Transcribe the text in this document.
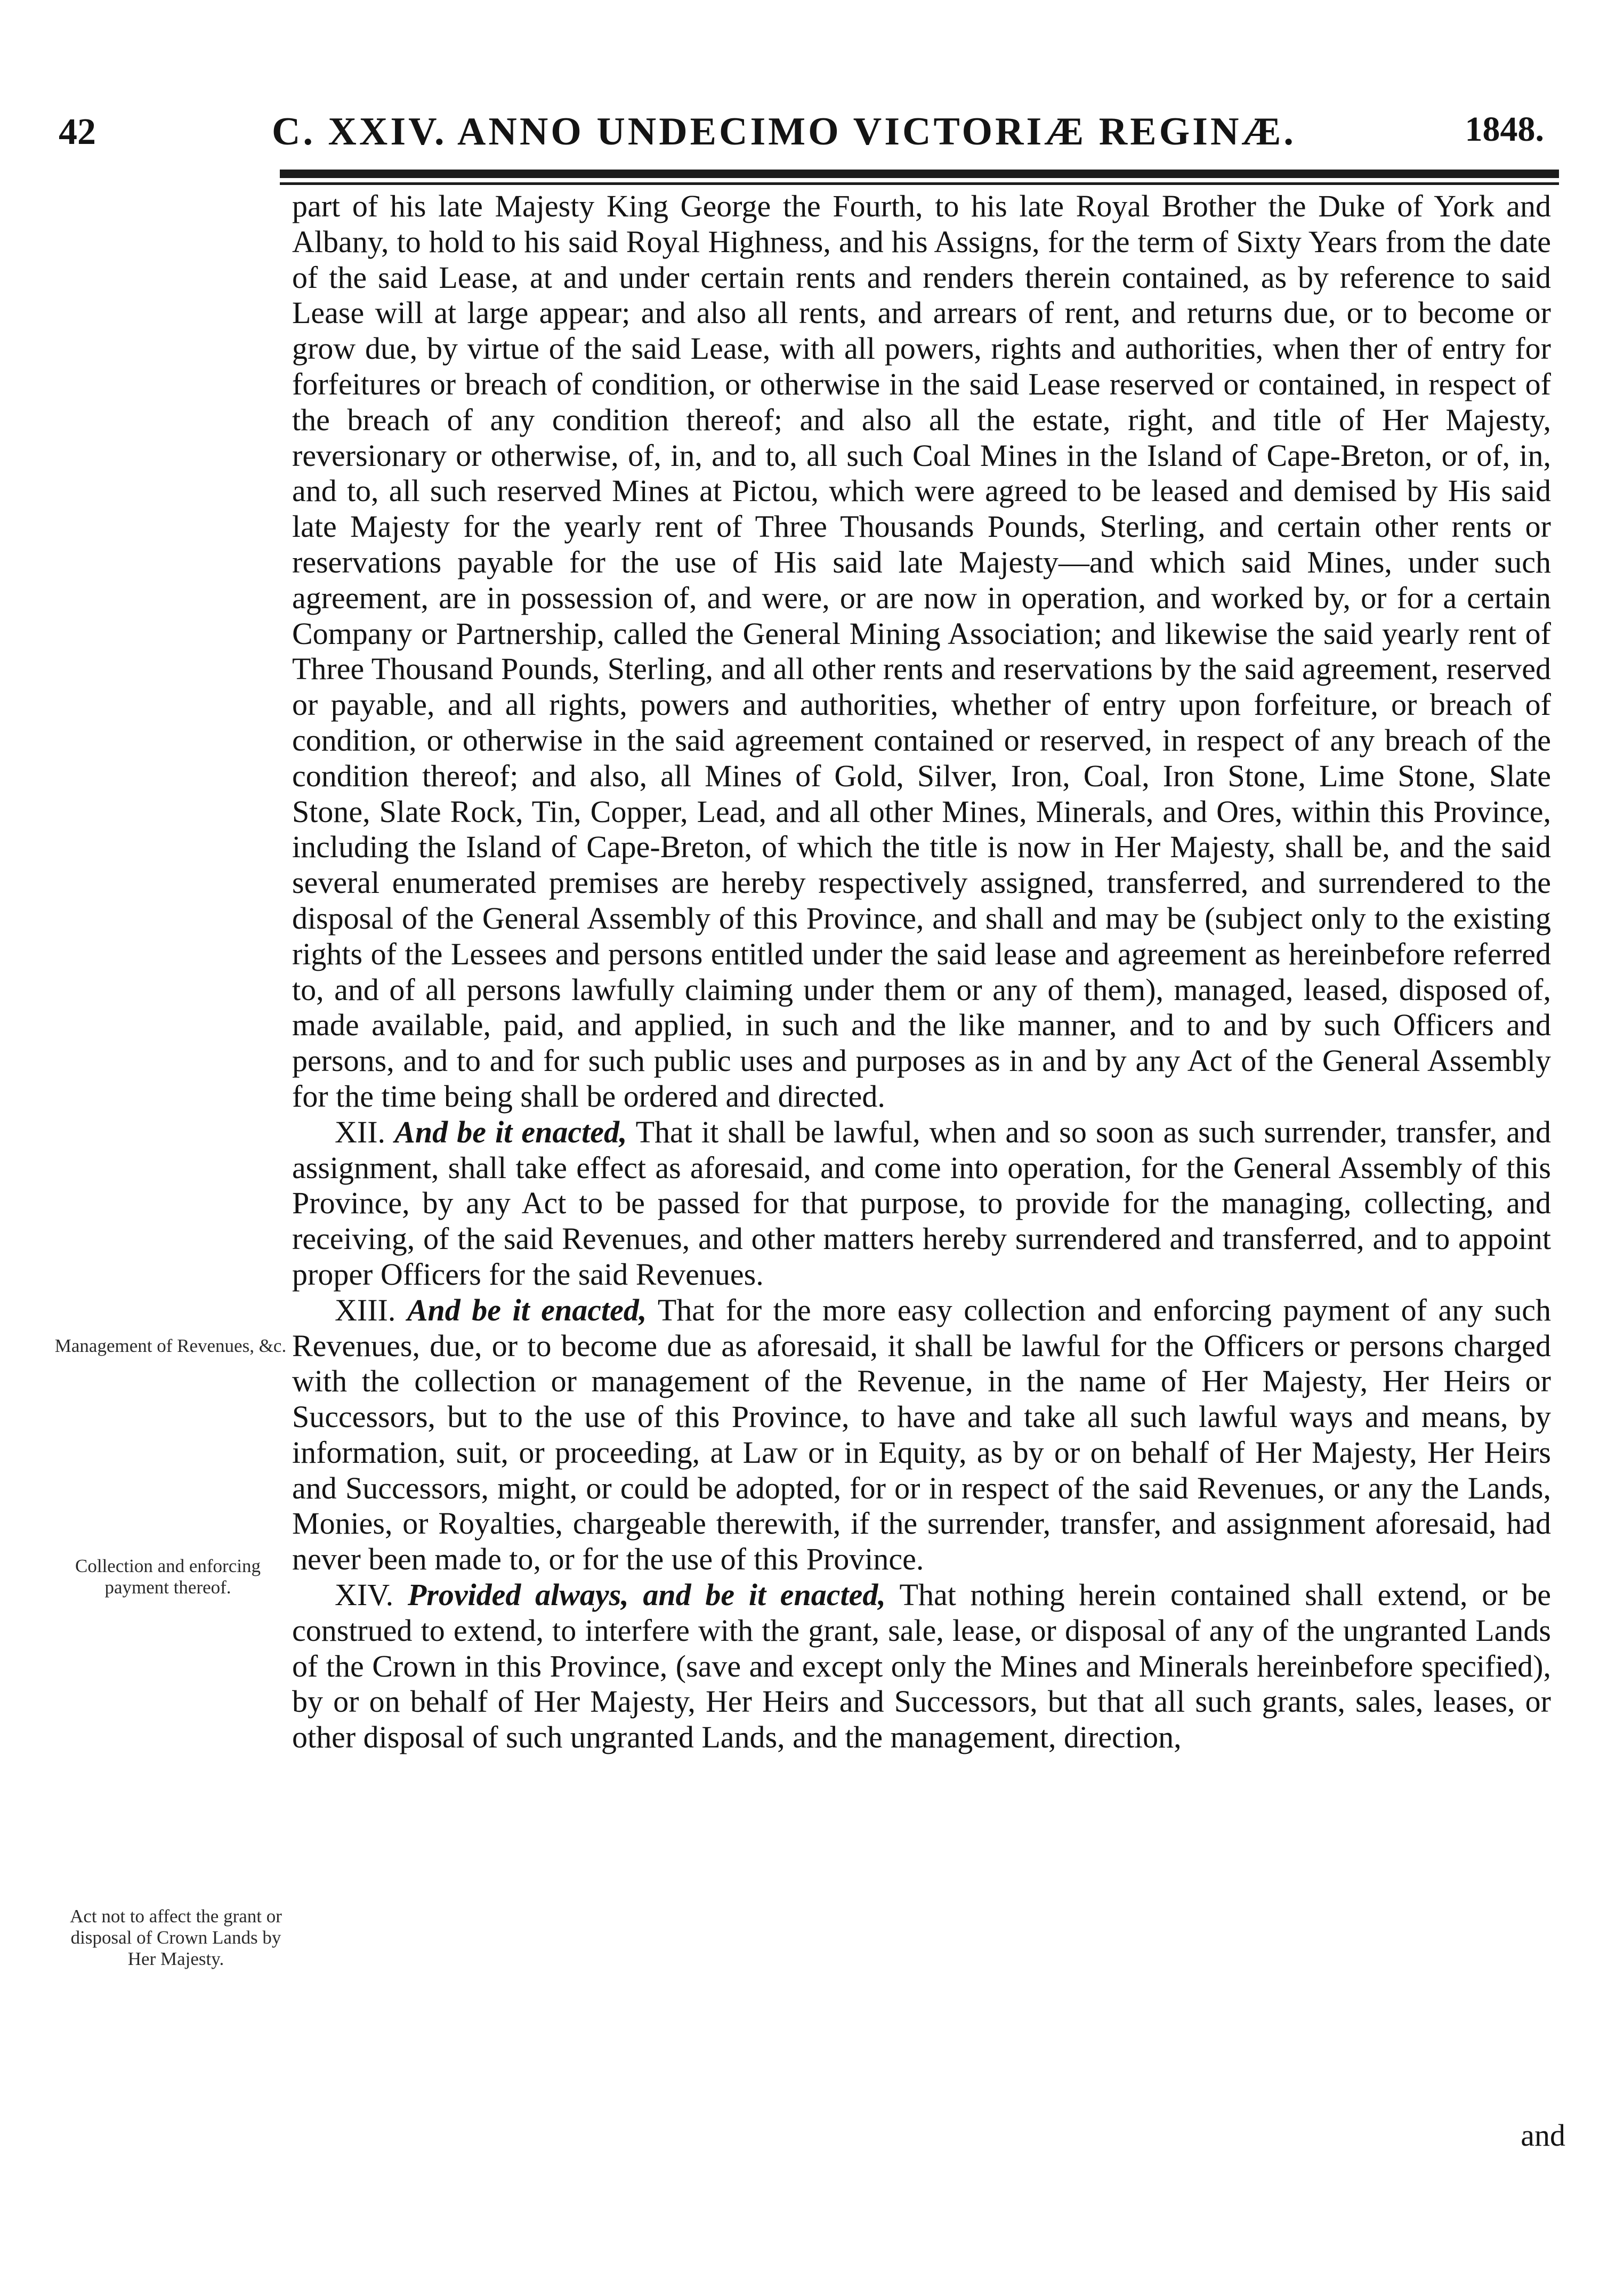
42	C. XXIV. ANNO UNDECIMO VICTORIÆ REGINÆ.	1848.

part of his late Majesty King George the Fourth, to his late Royal Brother the Duke of York and Albany, to hold to his said Royal Highness, and his Assigns, for the term of Sixty Years from the date of the said Lease, at and under certain rents and renders therein contained, as by reference to said Lease will at large appear; and also all rents, and arrears of rent, and returns due, or to become or grow due, by virtue of the said Lease, with all powers, rights and authorities, when ther of entry for forfeitures or breach of condition, or otherwise in the said Lease reserved or contained, in respect of the breach of any condition thereof; and also all the estate, right, and title of Her Majesty, reversionary or otherwise, of, in, and to, all such Coal Mines in the Island of Cape-Breton, or of, in, and to, all such reserved Mines at Pictou, which were agreed to be leased and demised by His said late Majesty for the yearly rent of Three Thousands Pounds, Sterling, and certain other rents or reservations payable for the use of His said late Majesty—and which said Mines, under such agreement, are in possession of, and were, or are now in operation, and worked by, or for a certain Company or Partnership, called the General Mining Association; and likewise the said yearly rent of Three Thousand Pounds, Sterling, and all other rents and reservations by the said agreement, reserved or payable, and all rights, powers and authorities, whether of entry upon forfeiture, or breach of condition, or otherwise in the said agreement contained or reserved, in respect of any breach of the condition thereof; and also, all Mines of Gold, Silver, Iron, Coal, Iron Stone, Lime Stone, Slate Stone, Slate Rock, Tin, Copper, Lead, and all other Mines, Minerals, and Ores, within this Province, including the Island of Cape-Breton, of which the title is now in Her Majesty, shall be, and the said several enumerated premises are hereby respectively assigned, transferred, and surrendered to the disposal of the General Assembly of this Province, and shall and may be (subject only to the existing rights of the Lessees and persons entitled under the said lease and agreement as hereinbefore referred to, and of all persons lawfully claiming under them or any of them), managed, leased, disposed of, made available, paid, and applied, in such and the like manner, and to and by such Officers and persons, and to and for such public uses and purposes as in and by any Act of the General Assembly for the time being shall be ordered and directed.

XII. And be it enacted, That it shall be lawful, when and so soon as such surrender, transfer, and assignment, shall take effect as aforesaid, and come into operation, for the General Assembly of this Province, by any Act to be passed for that purpose, to provide for the managing, collecting, and receiving, of the said Revenues, and other matters hereby surrendered and transferred, and to appoint proper Officers for the said Revenues.

XIII. And be it enacted, That for the more easy collection and enforcing payment of any such Revenues, due, or to become due as aforesaid, it shall be lawful for the Officers or persons charged with the collection or management of the Revenue, in the name of Her Majesty, Her Heirs or Successors, but to the use of this Province, to have and take all such lawful ways and means, by information, suit, or proceeding, at Law or in Equity, as by or on behalf of Her Majesty, Her Heirs and Successors, might, or could be adopted, for or in respect of the said Revenues, or any the Lands, Monies, or Royalties, chargeable therewith, if the surrender, transfer, and assignment aforesaid, had never been made to, or for the use of this Province.

XIV. Provided always, and be it enacted, That nothing herein contained shall extend, or be construed to extend, to interfere with the grant, sale, lease, or disposal of any of the ungranted Lands of the Crown in this Province, (save and except only the Mines and Minerals hereinbefore specified), by or on behalf of Her Majesty, Her Heirs and Successors, but that all such grants, sales, leases, or other disposal of such ungranted Lands, and the management, direction,

and
Management of Revenues, &c.
Collection and enforcing payment thereof.
Act not to affect the grant or disposal of Crown Lands by Her Majesty.
